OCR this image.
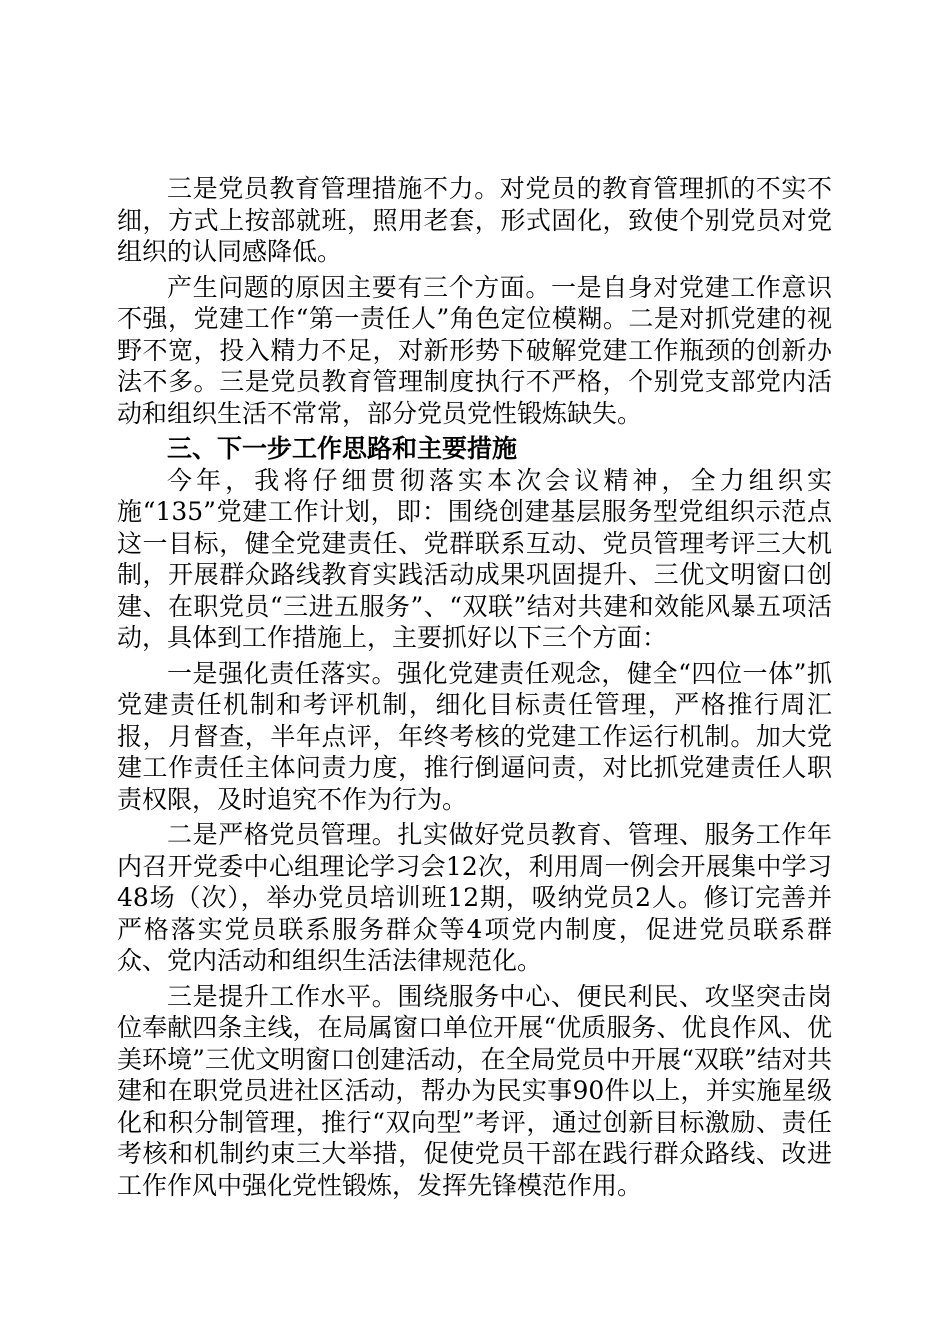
三是党员教育管理措施不力。对党员的教育管理抓的不实不细，方式上按部就班，照用老套，形式固化，致使个别党员对党组织的认同感降低。

产生问题的原因主要有三个方面。一是自身对党建工作意识不强，党建工作“第一责任人”角色定位模糊。二是对抓党建的视野不宽，投入精力不足，对新形势下破解党建工作瓶颈的创新办法不多。三是党员教育管理制度执行不严格，个别党支部党内活动和组织生活不常常，部分党员党性锻炼缺失。

三、下一步工作思路和主要措施

今年，我将仔细贯彻落实本次会议精神，全力组织实施“135”党建工作计划，即：围绕创建基层服务型党组织示范点这一目标，健全党建责任、党群联系互动、党员管理考评三大机制，开展群众路线教育实践活动成果巩固提升、三优文明窗口创建、在职党员“三进五服务”、“双联”结对共建和效能风暴五项活动，具体到工作措施上，主要抓好以下三个方面：

一是强化责任落实。强化党建责任观念，健全“四位一体”抓党建责任机制和考评机制，细化目标责任管理，严格推行周汇报，月督查，半年点评，年终考核的党建工作运行机制。加大党建工作责任主体问责力度，推行倒逼问责，对比抓党建责任人职责权限，及时追究不作为行为。

二是严格党员管理。扎实做好党员教育、管理、服务工作年内召开党委中心组理论学习会12次，利用周一例会开展集中学习48场（次），举办党员培训班12期，吸纳党员2人。修订完善并严格落实党员联系服务群众等4项党内制度，促进党员联系群众、党内活动和组织生活法律规范化。

三是提升工作水平。围绕服务中心、便民利民、攻坚突击岗位奉献四条主线，在局属窗口单位开展“优质服务、优良作风、优美环境”三优文明窗口创建活动，在全局党员中开展“双联”结对共建和在职党员进社区活动，帮办为民实事90件以上，并实施星级化和积分制管理，推行“双向型”考评，通过创新目标激励、责任考核和机制约束三大举措，促使党员干部在践行群众路线、改进工作作风中强化党性锻炼，发挥先锋模范作用。
